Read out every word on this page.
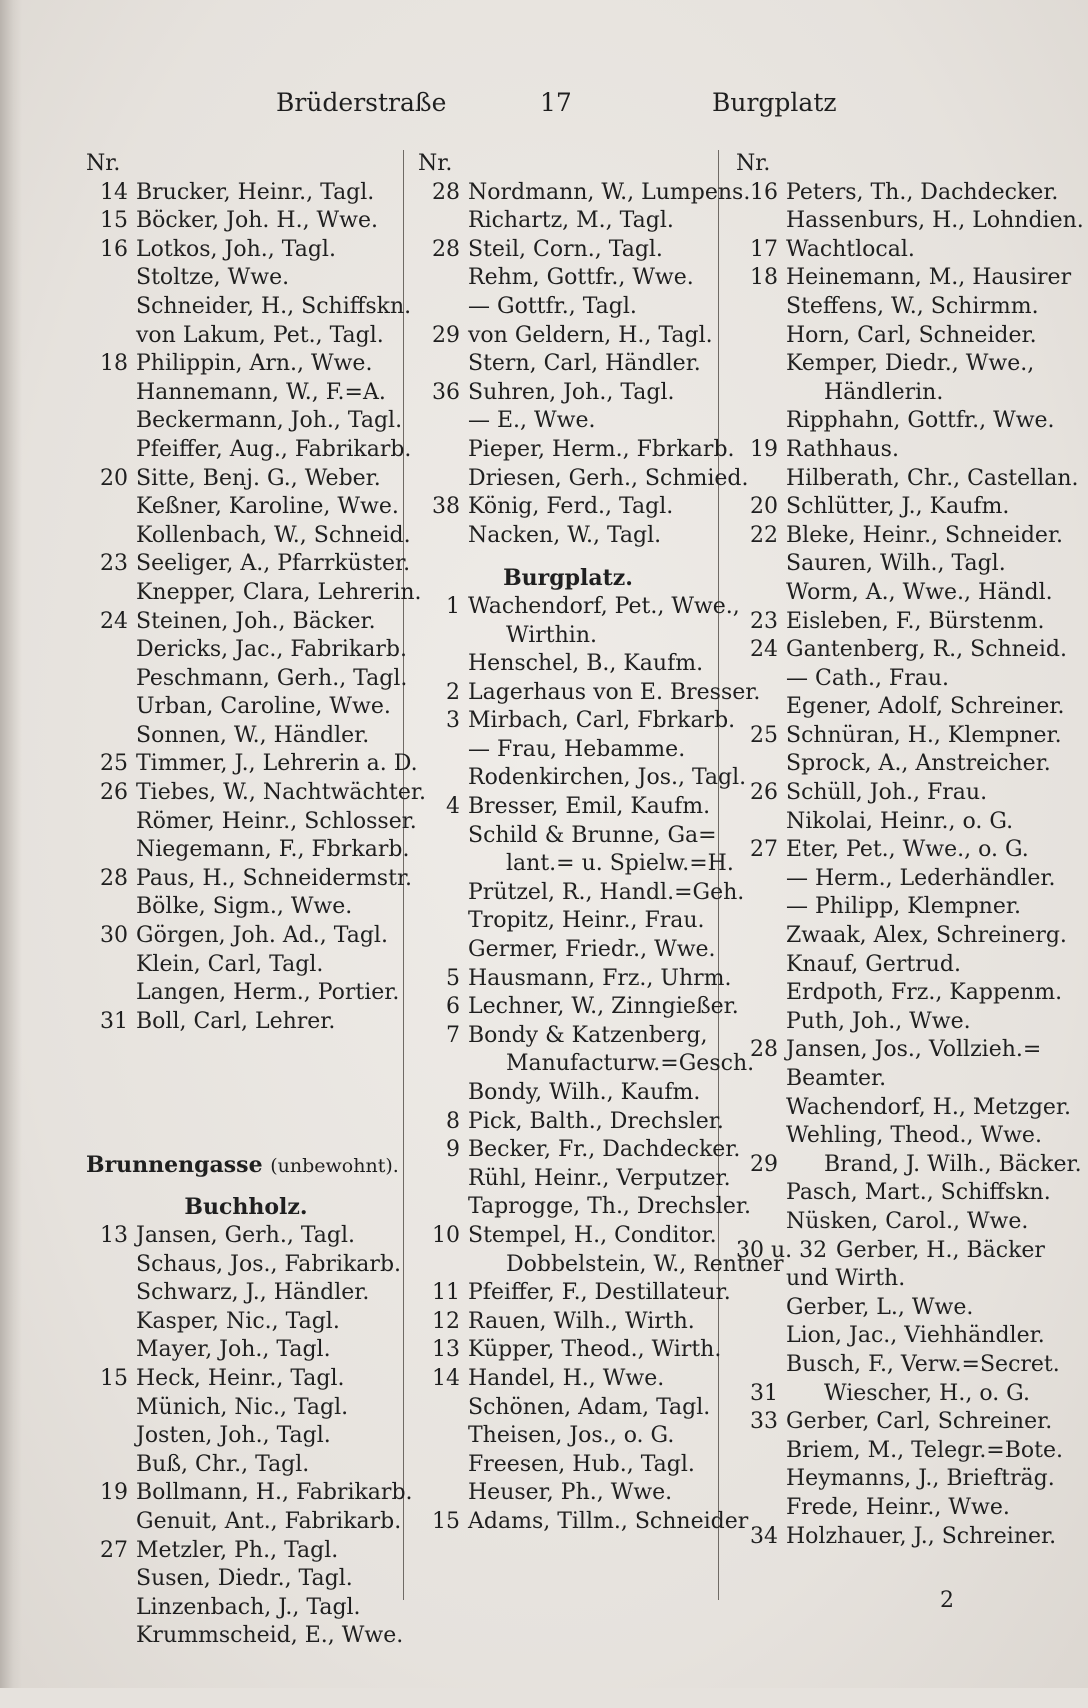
Brüderstraße	17	Burgplatz
Nr.
14 Brucker, Heinr., Tagl.
15 Böcker, Joh. H., Wwe.
16 Lotkos, Joh., Tagl.
Stoltze, Wwe.
Schneider, H., Schiffskn.
von Lakum, Pet., Tagl.
18 Philippin, Arn., Wwe.
Hannemann, W., F.=A.
Beckermann, Joh., Tagl.
Pfeiffer, Aug., Fabrikarb.
20 Sitte, Benj. G., Weber.
Keßner, Karoline, Wwe.
Kollenbach, W., Schneid.
23 Seeliger, A., Pfarrküster.
Knepper, Clara, Lehrerin.
24 Steinen, Joh., Bäcker.
Dericks, Jac., Fabrikarb.
Peschmann, Gerh., Tagl.
Urban, Caroline, Wwe.
Sonnen, W., Händler.
25 Timmer, J., Lehrerin a. D.
26 Tiebes, W., Nachtwächter.
Römer, Heinr., Schlosser.
Niegemann, F., Fbrkarb.
28 Paus, H., Schneidermstr.
Bölke, Sigm., Wwe.
30 Görgen, Joh. Ad., Tagl.
Klein, Carl, Tagl.
Langen, Herm., Portier.
31 Boll, Carl, Lehrer.
Brunnengasse (unbewohnt).
Buchholz.
13 Jansen, Gerh., Tagl.
Schaus, Jos., Fabrikarb.
Schwarz, J., Händler.
Kasper, Nic., Tagl.
Mayer, Joh., Tagl.
15 Heck, Heinr., Tagl.
Münich, Nic., Tagl.
Josten, Joh., Tagl.
Buß, Chr., Tagl.
19 Bollmann, H., Fabrikarb.
Genuit, Ant., Fabrikarb.
27 Metzler, Ph., Tagl.
Susen, Diedr., Tagl.
Linzenbach, J., Tagl.
Krummscheid, E., Wwe.
Nr.
28 Nordmann, W., Lumpens.
Richartz, M., Tagl.
28 Steil, Corn., Tagl.
Rehm, Gottfr., Wwe.
— Gottfr., Tagl.
29 von Geldern, H., Tagl.
Stern, Carl, Händler.
36 Suhren, Joh., Tagl.
— E., Wwe.
Pieper, Herm., Fbrkarb.
Driesen, Gerh., Schmied.
38 König, Ferd., Tagl.
Nacken, W., Tagl.
Burgplatz.
1 Wachendorf, Pet., Wwe.,
Wirthin.
Henschel, B., Kaufm.
2 Lagerhaus von E. Bresser.
3 Mirbach, Carl, Fbrkarb.
— Frau, Hebamme.
Rodenkirchen, Jos., Tagl.
4 Bresser, Emil, Kaufm.
Schild & Brunne, Ga=
lant.= u. Spielw.=H.
Prützel, R., Handl.=Geh.
Tropitz, Heinr., Frau.
Germer, Friedr., Wwe.
5 Hausmann, Frz., Uhrm.
6 Lechner, W., Zinngießer.
7 Bondy & Katzenberg,
Manufacturw.=Gesch.
Bondy, Wilh., Kaufm.
8 Pick, Balth., Drechsler.
9 Becker, Fr., Dachdecker.
Rühl, Heinr., Verputzer.
Taprogge, Th., Drechsler.
10 Stempel, H., Conditor.
Dobbelstein, W., Rentner
11 Pfeiffer, F., Destillateur.
12 Rauen, Wilh., Wirth.
13 Küpper, Theod., Wirth.
14 Handel, H., Wwe.
Schönen, Adam, Tagl.
Theisen, Jos., o. G.
Freesen, Hub., Tagl.
Heuser, Ph., Wwe.
15 Adams, Tillm., Schneider
Nr.
16 Peters, Th., Dachdecker.
Hassenburs, H., Lohndien.
17 Wachtlocal.
18 Heinemann, M., Hausirer
Steffens, W., Schirmm.
Horn, Carl, Schneider.
Kemper, Diedr., Wwe.,
Händlerin.
Ripphahn, Gottfr., Wwe.
19 Rathhaus.
Hilberath, Chr., Castellan.
20 Schlütter, J., Kaufm.
22 Bleke, Heinr., Schneider.
Sauren, Wilh., Tagl.
Worm, A., Wwe., Händl.
23 Eisleben, F., Bürstenm.
24 Gantenberg, R., Schneid.
— Cath., Frau.
Egener, Adolf, Schreiner.
25 Schnüran, H., Klempner.
Sprock, A., Anstreicher.
26 Schüll, Joh., Frau.
Nikolai, Heinr., o. G.
27 Eter, Pet., Wwe., o. G.
— Herm., Lederhändler.
— Philipp, Klempner.
Zwaak, Alex, Schreinerg.
Knauf, Gertrud.
Erdpoth, Frz., Kappenm.
Puth, Joh., Wwe.
28 Jansen, Jos., Vollzieh.=
Beamter.
Wachendorf, H., Metzger.
Wehling, Theod., Wwe.
29 Brand, J. Wilh., Bäcker.
Pasch, Mart., Schiffskn.
Nüsken, Carol., Wwe.
30 u. 32 Gerber, H., Bäcker
und Wirth.
Gerber, L., Wwe.
Lion, Jac., Viehhändler.
Busch, F., Verw.=Secret.
31 Wiescher, H., o. G.
33 Gerber, Carl, Schreiner.
Briem, M., Telegr.=Bote.
Heymanns, J., Briefträg.
Frede, Heinr., Wwe.
34 Holzhauer, J., Schreiner.
2
